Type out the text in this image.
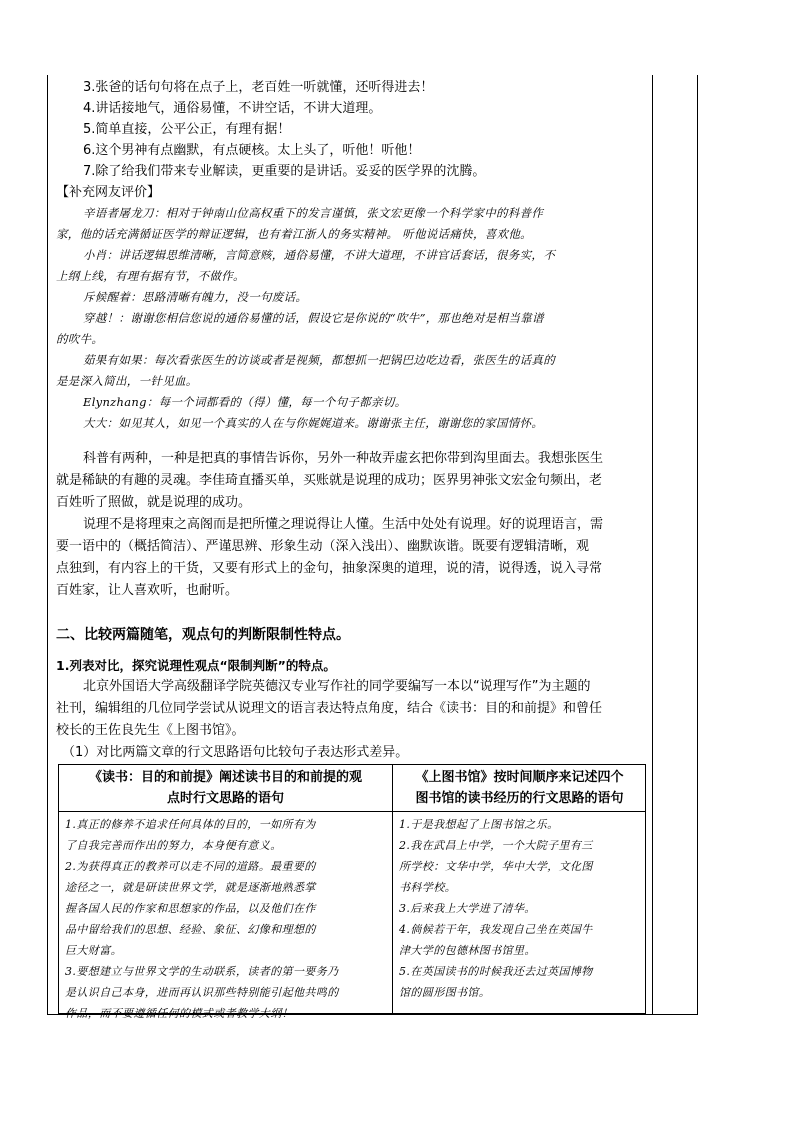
3.张爸的话句句将在点子上，老百姓一听就懂，还听得进去！
4.讲话接地气，通俗易懂，不讲空话，不讲大道理。
5.简单直接，公平公正，有理有据！
6.这个男神有点幽默，有点硬核。太上头了，听他！听他！
7.除了给我们带来专业解读，更重要的是讲话。妥妥的医学界的沈腾。
【补充网友评价】
辛语者屠龙刀：相对于钟南山位高权重下的发言谨慎，张文宏更像一个科学家中的科普作
家，他的话充满循证医学的辩证逻辑，也有着江浙人的务实精神。 听他说话痛快，喜欢他。
小肖：讲话逻辑思维清晰，言简意赅，通俗易懂，不讲大道理，不讲官话套话，很务实，不
上纲上线，有理有据有节，不做作。
斥候醒着：思路清晰有魄力，没一句废话。
穿越！：谢谢您相信您说的通俗易懂的话，假设它是你说的“吹牛”，那也绝对是相当靠谱
的吹牛。
茹果有如果：每次看张医生的访谈或者是视频，都想抓一把锅巴边吃边看，张医生的话真的
是是深入简出，一针见血。
Elynzhang：每一个词都看的（得）懂，每一个句子都亲切。
大大：如见其人，如见一个真实的人在与你娓娓道来。谢谢张主任，谢谢您的家国情怀。
科普有两种，一种是把真的事情告诉你，另外一种故弄虚玄把你带到沟里面去。我想张医生
就是稀缺的有趣的灵魂。李佳琦直播买单，买账就是说理的成功；医界男神张文宏金句频出，老
百姓听了照做，就是说理的成功。
说理不是将理束之高阁而是把所懂之理说得让人懂。生活中处处有说理。好的说理语言，需
要一语中的（概括简洁）、严谨思辨、形象生动（深入浅出）、幽默诙谐。既要有逻辑清晰，观
点独到，有内容上的干货，又要有形式上的金句，抽象深奥的道理，说的清，说得透，说入寻常
百姓家，让人喜欢听，也耐听。
二、比较两篇随笔，观点句的判断限制性特点。
1.列表对比，探究说理性观点“限制判断”的特点。
北京外国语大学高级翻译学院英德汉专业写作社的同学要编写一本以“说理写作”为主题的
社刊，编辑组的几位同学尝试从说理文的语言表达特点角度，结合《读书：目的和前提》和曾任
校长的王佐良先生《上图书馆》。
（1）对比两篇文章的行文思路语句比较句子表达形式差异。
《读书：目的和前提》阐述读书目的和前提的观
点时行文思路的语句
《上图书馆》按时间顺序来记述四个
图书馆的读书经历的行文思路的语句
1.真正的修养不追求任何具体的目的，一如所有为
了自我完善而作出的努力，本身便有意义。
2.为获得真正的教养可以走不同的道路。最重要的
途径之一，就是研读世界文学，就是逐渐地熟悉掌
握各国人民的作家和思想家的作品，以及他们在作
品中留给我们的思想、经验、象征、幻像和理想的
巨大财富。
3.要想建立与世界文学的生动联系，读者的第一要务乃
是认识自己本身，进而再认识那些特别能引起他共鸣的
作品，而不要遵循任何的模式或者教学大纲！
1.于是我想起了上图书馆之乐。
2.我在武昌上中学，一个大院子里有三
所学校：文华中学，华中大学，文化图
书科学校。
3.后来我上大学进了清华。
4.倘候若干年，我发现自己坐在英国牛
津大学的包德林图书馆里。
5.在英国读书的时候我还去过英国博物
馆的圆形图书馆。
